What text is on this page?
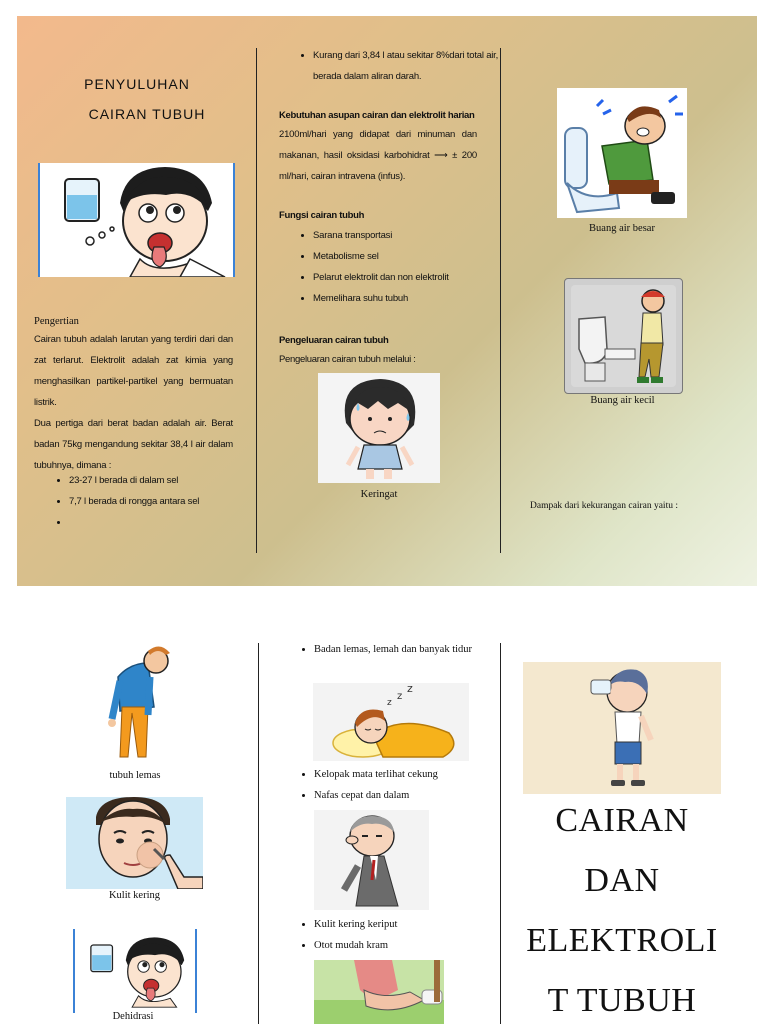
PENYULUHAN
CAIRAN TUBUH
Pengertian
Cairan tubuh adalah larutan yang terdiri dari dan zat terlarut. Elektrolit adalah zat kimia yang menghasilkan partikel-partikel yang bermuatan listrik.
Dua pertiga dari berat badan adalah air. Berat badan 75kg mengandung sekitar 38,4 l air dalam tubuhnya, dimana :
• 23-27 l berada di dalam sel
• 7,7 l berada di rongga antara sel
•
• Kurang dari 3,84 l atau sekitar 8%dari total air, berada dalam aliran darah.
Kebutuhan asupan cairan dan elektrolit harian
2100ml/hari yang didapat dari minuman dan makanan, hasil oksidasi karbohidrat ⟶ ± 200 ml/hari, cairan intravena (infus).
Fungsi cairan tubuh
• Sarana transportasi
• Metabolisme sel
• Pelarut elektrolit dan non elektrolit
• Memelihara suhu tubuh
Pengeluaran cairan tubuh
Pengeluaran cairan tubuh melalui :
Keringat
Buang air besar
Buang air kecil
Dampak dari kekurangan cairan yaitu :
tubuh lemas
Kulit kering
Dehidrasi
• Badan lemas, lemah dan banyak tidur
z
z
z
• Kelopak mata terlihat cekung
• Nafas cepat dan dalam
• Kulit kering keriput
• Otot mudah kram
CAIRAN
DAN
ELEKTROLI
T TUBUH
